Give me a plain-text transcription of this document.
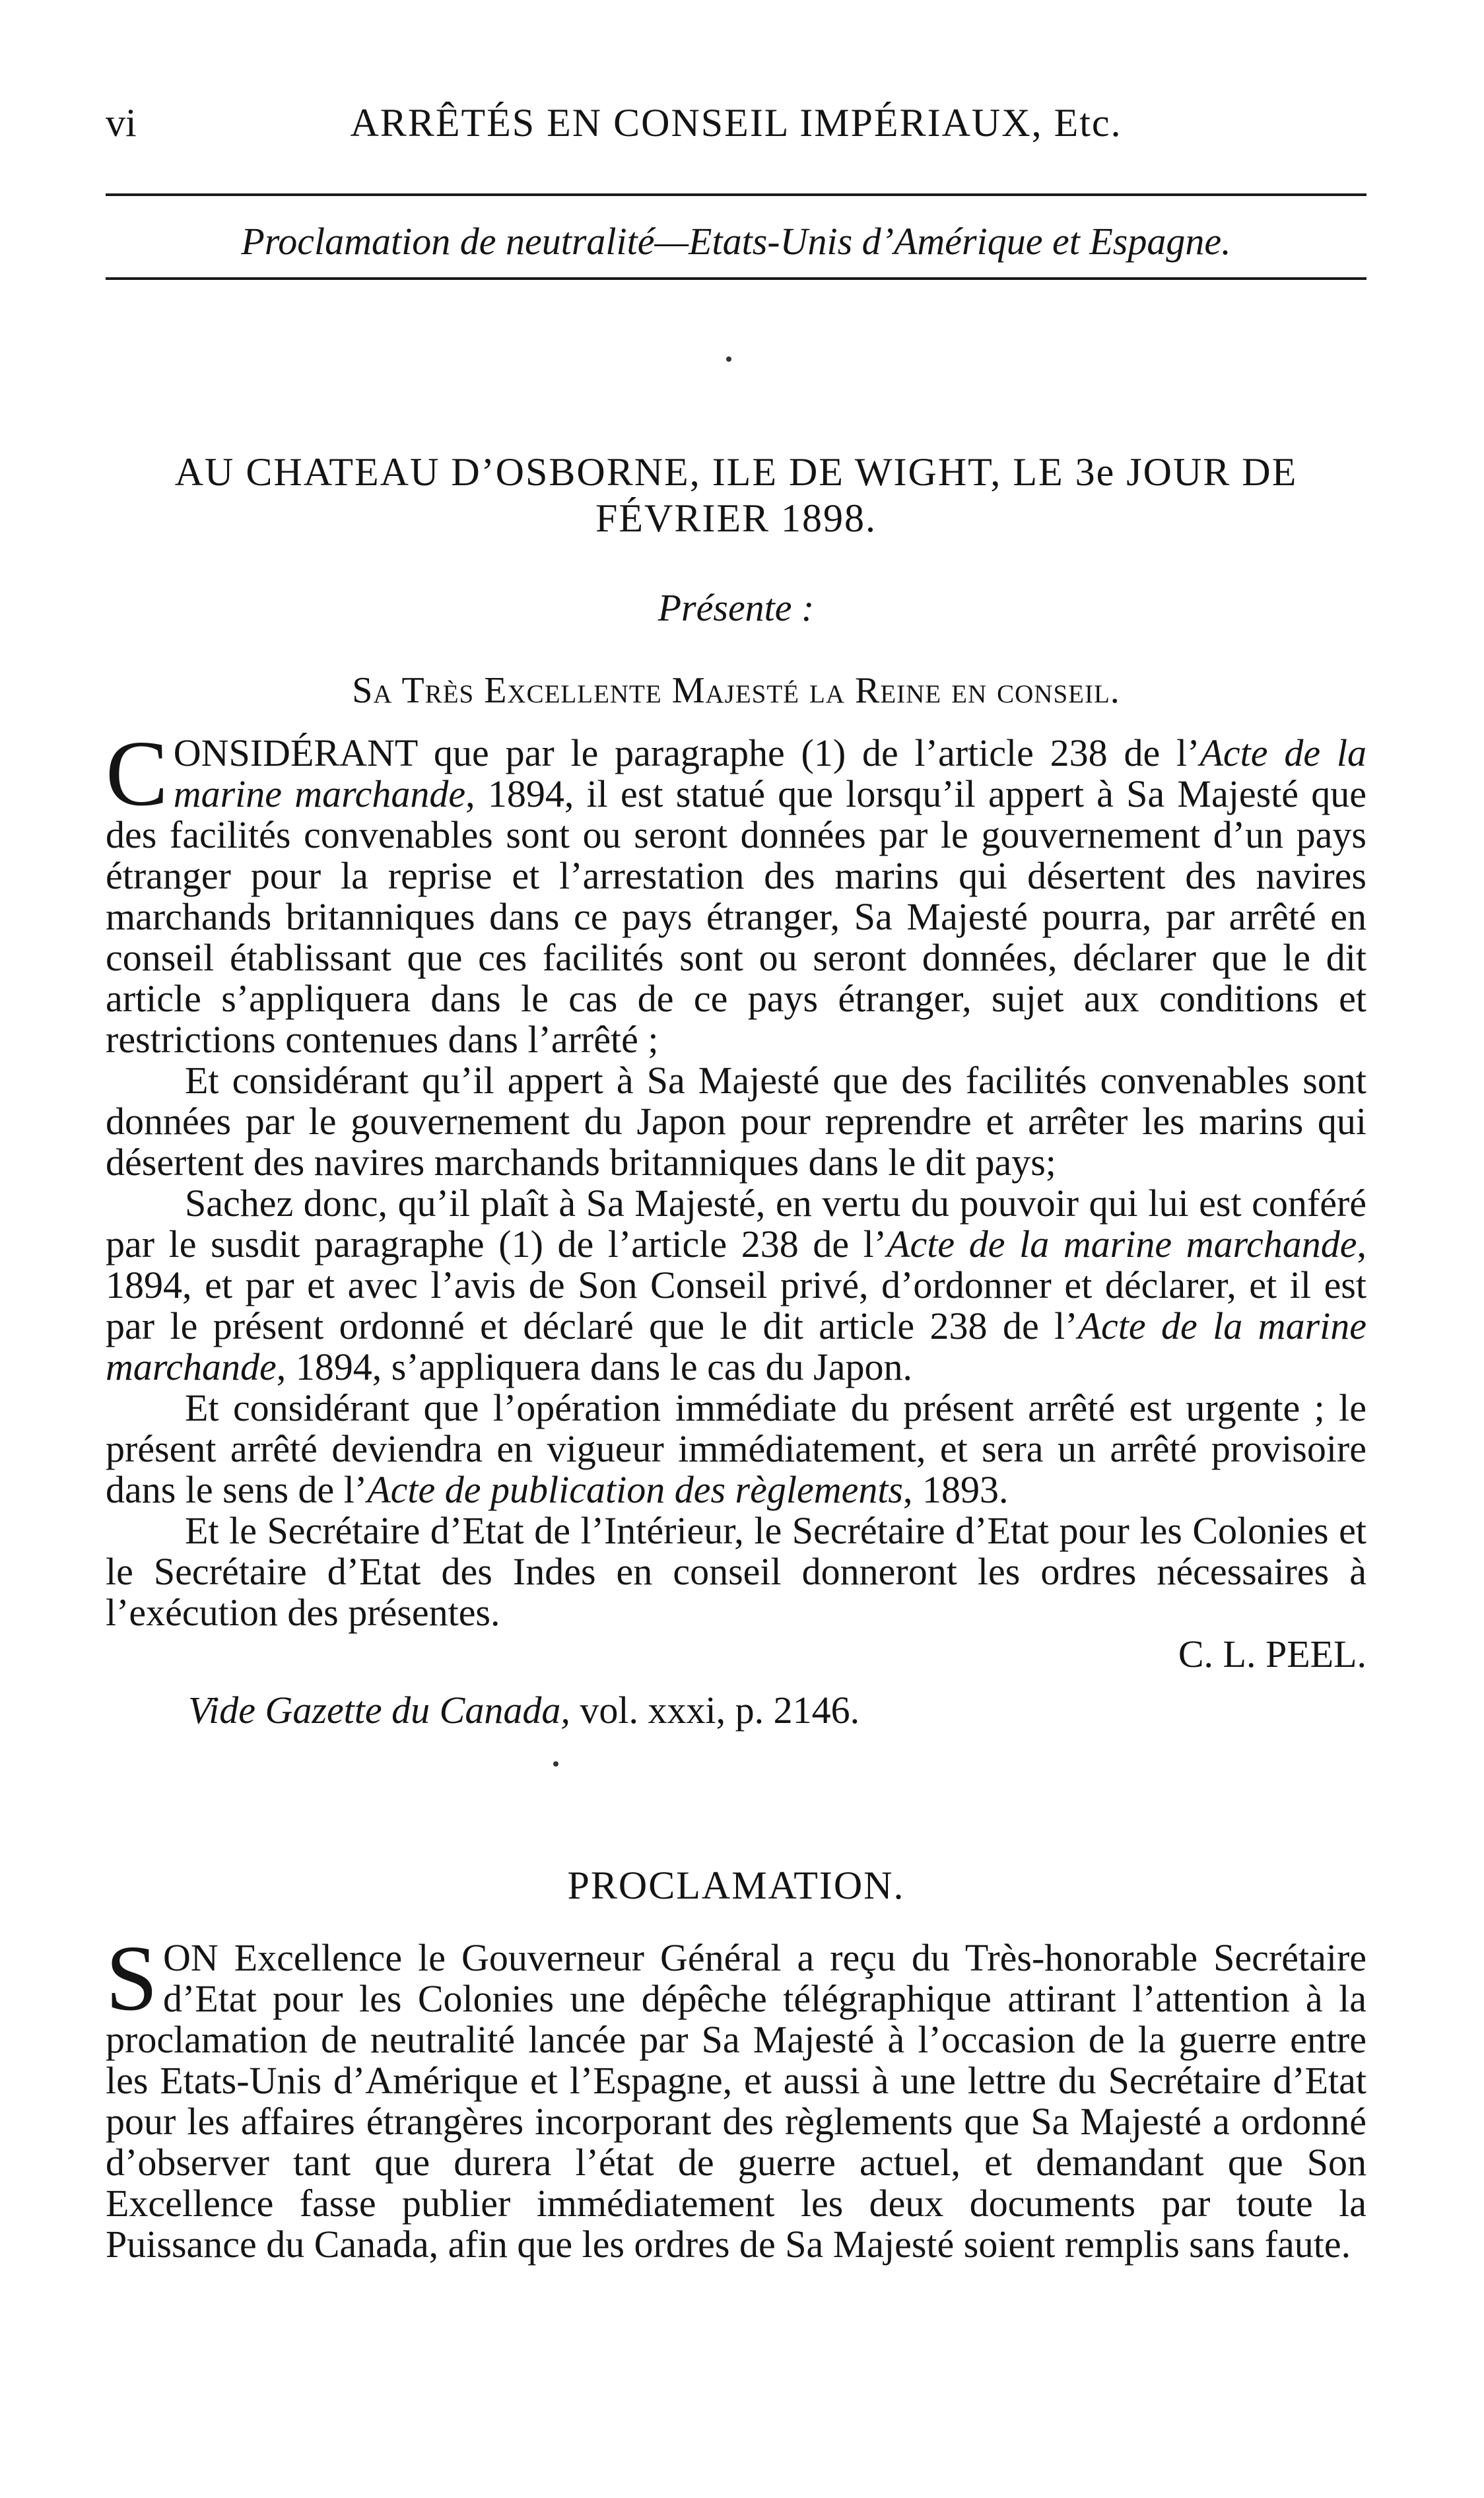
vi	ARRÊTÉS EN CONSEIL IMPÉRIAUX, Etc.
Proclamation de neutralité—Etats-Unis d’Amérique et Espagne.
AU CHATEAU D’OSBORNE, ILE DE WIGHT, LE 3e JOUR DE FÉVRIER 1898.
Présente :
Sa Très Excellente Majesté la Reine en conseil.

CONSIDÉRANT que par le paragraphe (1) de l’article 238 de l’Acte de la marine marchande, 1894, il est statué que lorsqu’il appert à Sa Majesté que des facilités convenables sont ou seront données par le gouvernement d’un pays étranger pour la reprise et l’arrestation des marins qui désertent des navires marchands britanniques dans ce pays étranger, Sa Majesté pourra, par arrêté en conseil établissant que ces facilités sont ou seront données, déclarer que le dit article s’appliquera dans le cas de ce pays étranger, sujet aux conditions et restrictions contenues dans l’arrêté ;

Et considérant qu’il appert à Sa Majesté que des facilités convenables sont données par le gouvernement du Japon pour reprendre et arrêter les marins qui désertent des navires marchands britanniques dans le dit pays;

Sachez donc, qu’il plaît à Sa Majesté, en vertu du pouvoir qui lui est conféré par le susdit paragraphe (1) de l’article 238 de l’Acte de la marine marchande, 1894, et par et avec l’avis de Son Conseil privé, d’ordonner et déclarer, et il est par le présent ordonné et déclaré que le dit article 238 de l’Acte de la marine marchande, 1894, s’appliquera dans le cas du Japon.

Et considérant que l’opération immédiate du présent arrêté est urgente ; le présent arrêté deviendra en vigueur immédiatement, et sera un arrêté provisoire dans le sens de l’Acte de publication des règlements, 1893.

Et le Secrétaire d’Etat de l’Intérieur, le Secrétaire d’Etat pour les Colonies et le Secrétaire d’Etat des Indes en conseil donneront les ordres nécessaires à l’exécution des présentes.

C. L. PEEL.
Vide Gazette du Canada, vol. xxxi, p. 2146.
PROCLAMATION.

SON Excellence le Gouverneur Général a reçu du Très-honorable Secrétaire d’Etat pour les Colonies une dépêche télégraphique attirant l’attention à la proclamation de neutralité lancée par Sa Majesté à l’occasion de la guerre entre les Etats-Unis d’Amérique et l’Espagne, et aussi à une lettre du Secrétaire d’Etat pour les affaires étrangères incorporant des règlements que Sa Majesté a ordonné d’observer tant que durera l’état de guerre actuel, et demandant que Son Excellence fasse publier immédiatement les deux documents par toute la Puissance du Canada, afin que les ordres de Sa Majesté soient remplis sans faute.
